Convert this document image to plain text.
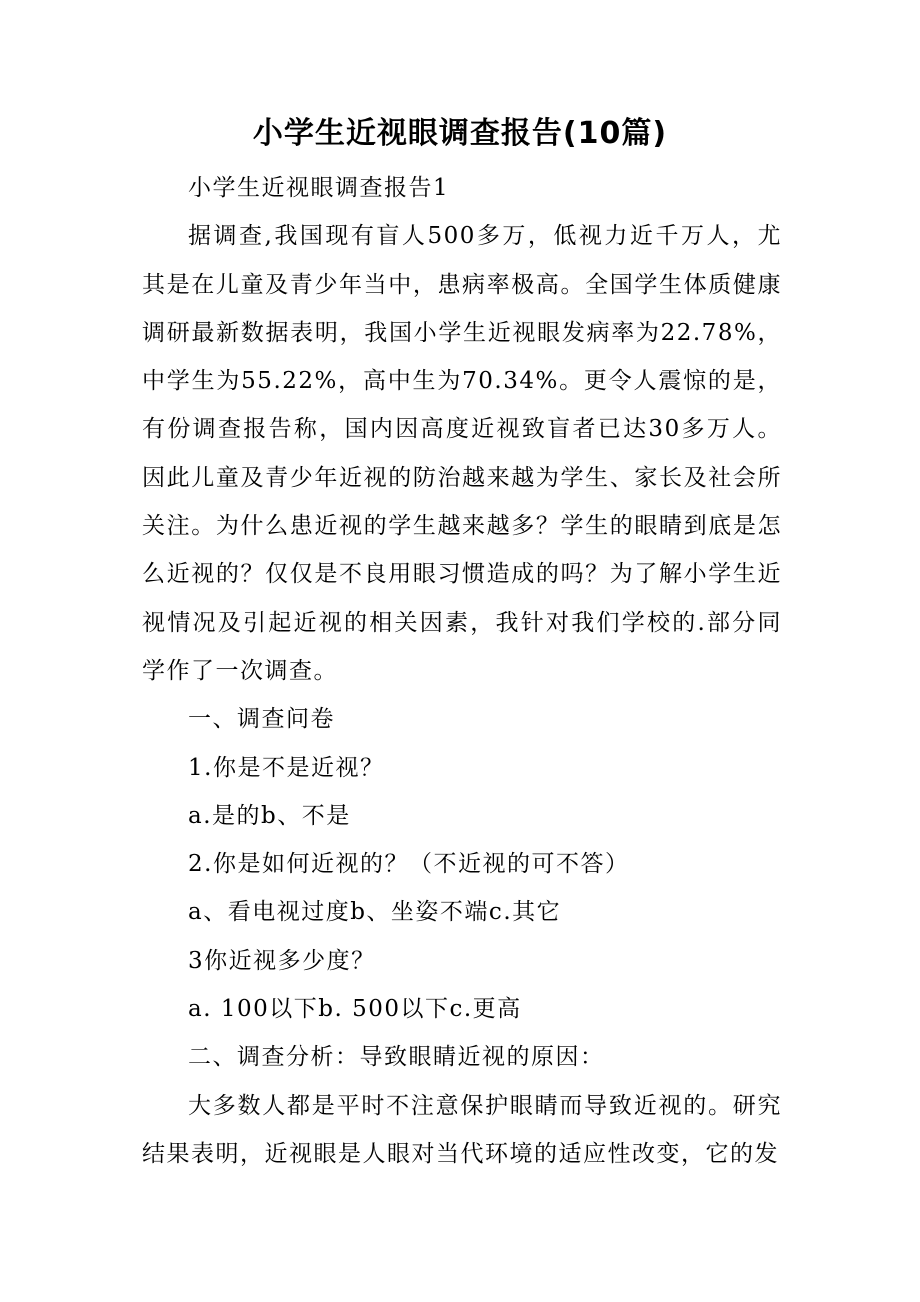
小学生近视眼调查报告(10篇)

小学生近视眼调查报告1

据调查,我国现有盲人500多万，低视力近千万人，尤其是在儿童及青少年当中，患病率极高。全国学生体质健康调研最新数据表明，我国小学生近视眼发病率为22.78%，中学生为55.22%，高中生为70.34%。更令人震惊的是，有份调查报告称，国内因高度近视致盲者已达30多万人。因此儿童及青少年近视的防治越来越为学生、家长及社会所关注。为什么患近视的学生越来越多？学生的眼睛到底是怎么近视的？仅仅是不良用眼习惯造成的吗？为了解小学生近视情况及引起近视的相关因素，我针对我们学校的.部分同学作了一次调查。

一、调查问卷

1.你是不是近视？

a.是的b、不是

2.你是如何近视的？（不近视的可不答）

a、看电视过度b、坐姿不端c.其它

3你近视多少度？

a. 100以下b. 500以下c.更高

二、调查分析：导致眼睛近视的原因：

大多数人都是平时不注意保护眼睛而导致近视的。研究结果表明，近视眼是人眼对当代环境的适应性改变，它的发
